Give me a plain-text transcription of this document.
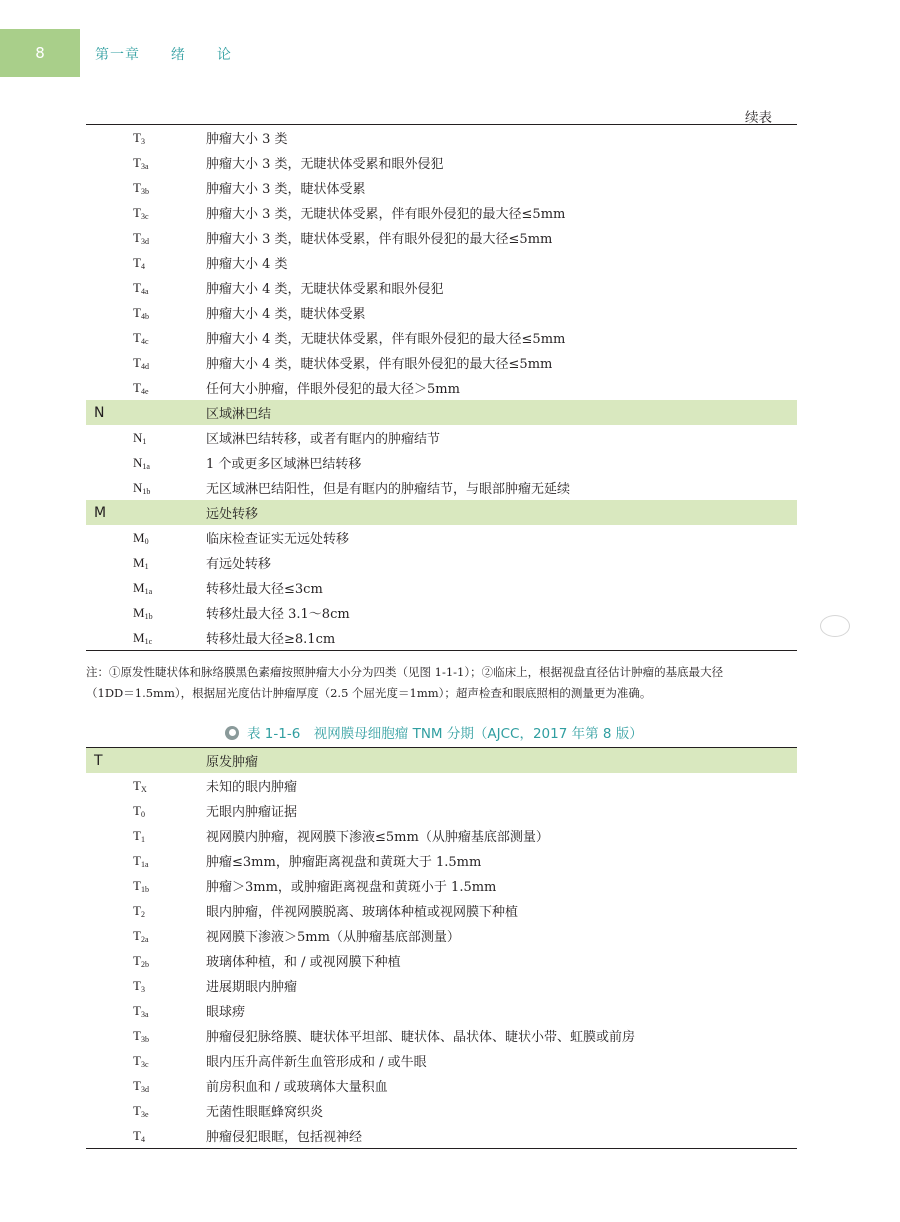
8	第一章 绪 论
续表
$T_3$	肿瘤大小 3 类
$T_{3a}$	肿瘤大小 3 类，无睫状体受累和眼外侵犯
$T_{3b}$	肿瘤大小 3 类，睫状体受累
$T_{3c}$	肿瘤大小 3 类，无睫状体受累，伴有眼外侵犯的最大径≤5mm
$T_{3d}$	肿瘤大小 3 类，睫状体受累，伴有眼外侵犯的最大径≤5mm
$T_4$	肿瘤大小 4 类
$T_{4a}$	肿瘤大小 4 类，无睫状体受累和眼外侵犯
$T_{4b}$	肿瘤大小 4 类，睫状体受累
$T_{4c}$	肿瘤大小 4 类，无睫状体受累，伴有眼外侵犯的最大径≤5mm
$T_{4d}$	肿瘤大小 4 类，睫状体受累，伴有眼外侵犯的最大径≤5mm
$T_{4e}$	任何大小肿瘤，伴眼外侵犯的最大径＞5mm
N	区域淋巴结
$N_1$	区域淋巴结转移，或者有眶内的肿瘤结节
$N_{1a}$	1 个或更多区域淋巴结转移
$N_{1b}$	无区域淋巴结阳性，但是有眶内的肿瘤结节，与眼部肿瘤无延续
M	远处转移
$M_0$	临床检查证实无远处转移
$M_1$	有远处转移
$M_{1a}$	转移灶最大径≤3cm
$M_{1b}$	转移灶最大径 3.1～8cm
$M_{1c}$	转移灶最大径≥8.1cm

注：①原发性睫状体和脉络膜黑色素瘤按照肿瘤大小分为四类（见图 1-1-1）；②临床上，根据视盘直径估计肿瘤的基底最大径

（1DD＝1.5mm），根据屈光度估计肿瘤厚度（2.5 个屈光度＝1mm）；超声检查和眼底照相的测量更为准确。

表 1-1-6　视网膜母细胞瘤 TNM 分期（AJCC，2017 年第 8 版）
T	原发肿瘤
$T_X$	未知的眼内肿瘤
$T_0$	无眼内肿瘤证据
$T_1$	视网膜内肿瘤，视网膜下渗液≤5mm（从肿瘤基底部测量）
$T_{1a}$	肿瘤≤3mm，肿瘤距离视盘和黄斑大于 1.5mm
$T_{1b}$	肿瘤＞3mm，或肿瘤距离视盘和黄斑小于 1.5mm
$T_2$	眼内肿瘤，伴视网膜脱离、玻璃体种植或视网膜下种植
$T_{2a}$	视网膜下渗液＞5mm（从肿瘤基底部测量）
$T_{2b}$	玻璃体种植，和 / 或视网膜下种植
$T_3$	进展期眼内肿瘤
$T_{3a}$	眼球痨
$T_{3b}$	肿瘤侵犯脉络膜、睫状体平坦部、睫状体、晶状体、睫状小带、虹膜或前房
$T_{3c}$	眼内压升高伴新生血管形成和 / 或牛眼
$T_{3d}$	前房积血和 / 或玻璃体大量积血
$T_{3e}$	无菌性眼眶蜂窝织炎
$T_4$	肿瘤侵犯眼眶，包括视神经
